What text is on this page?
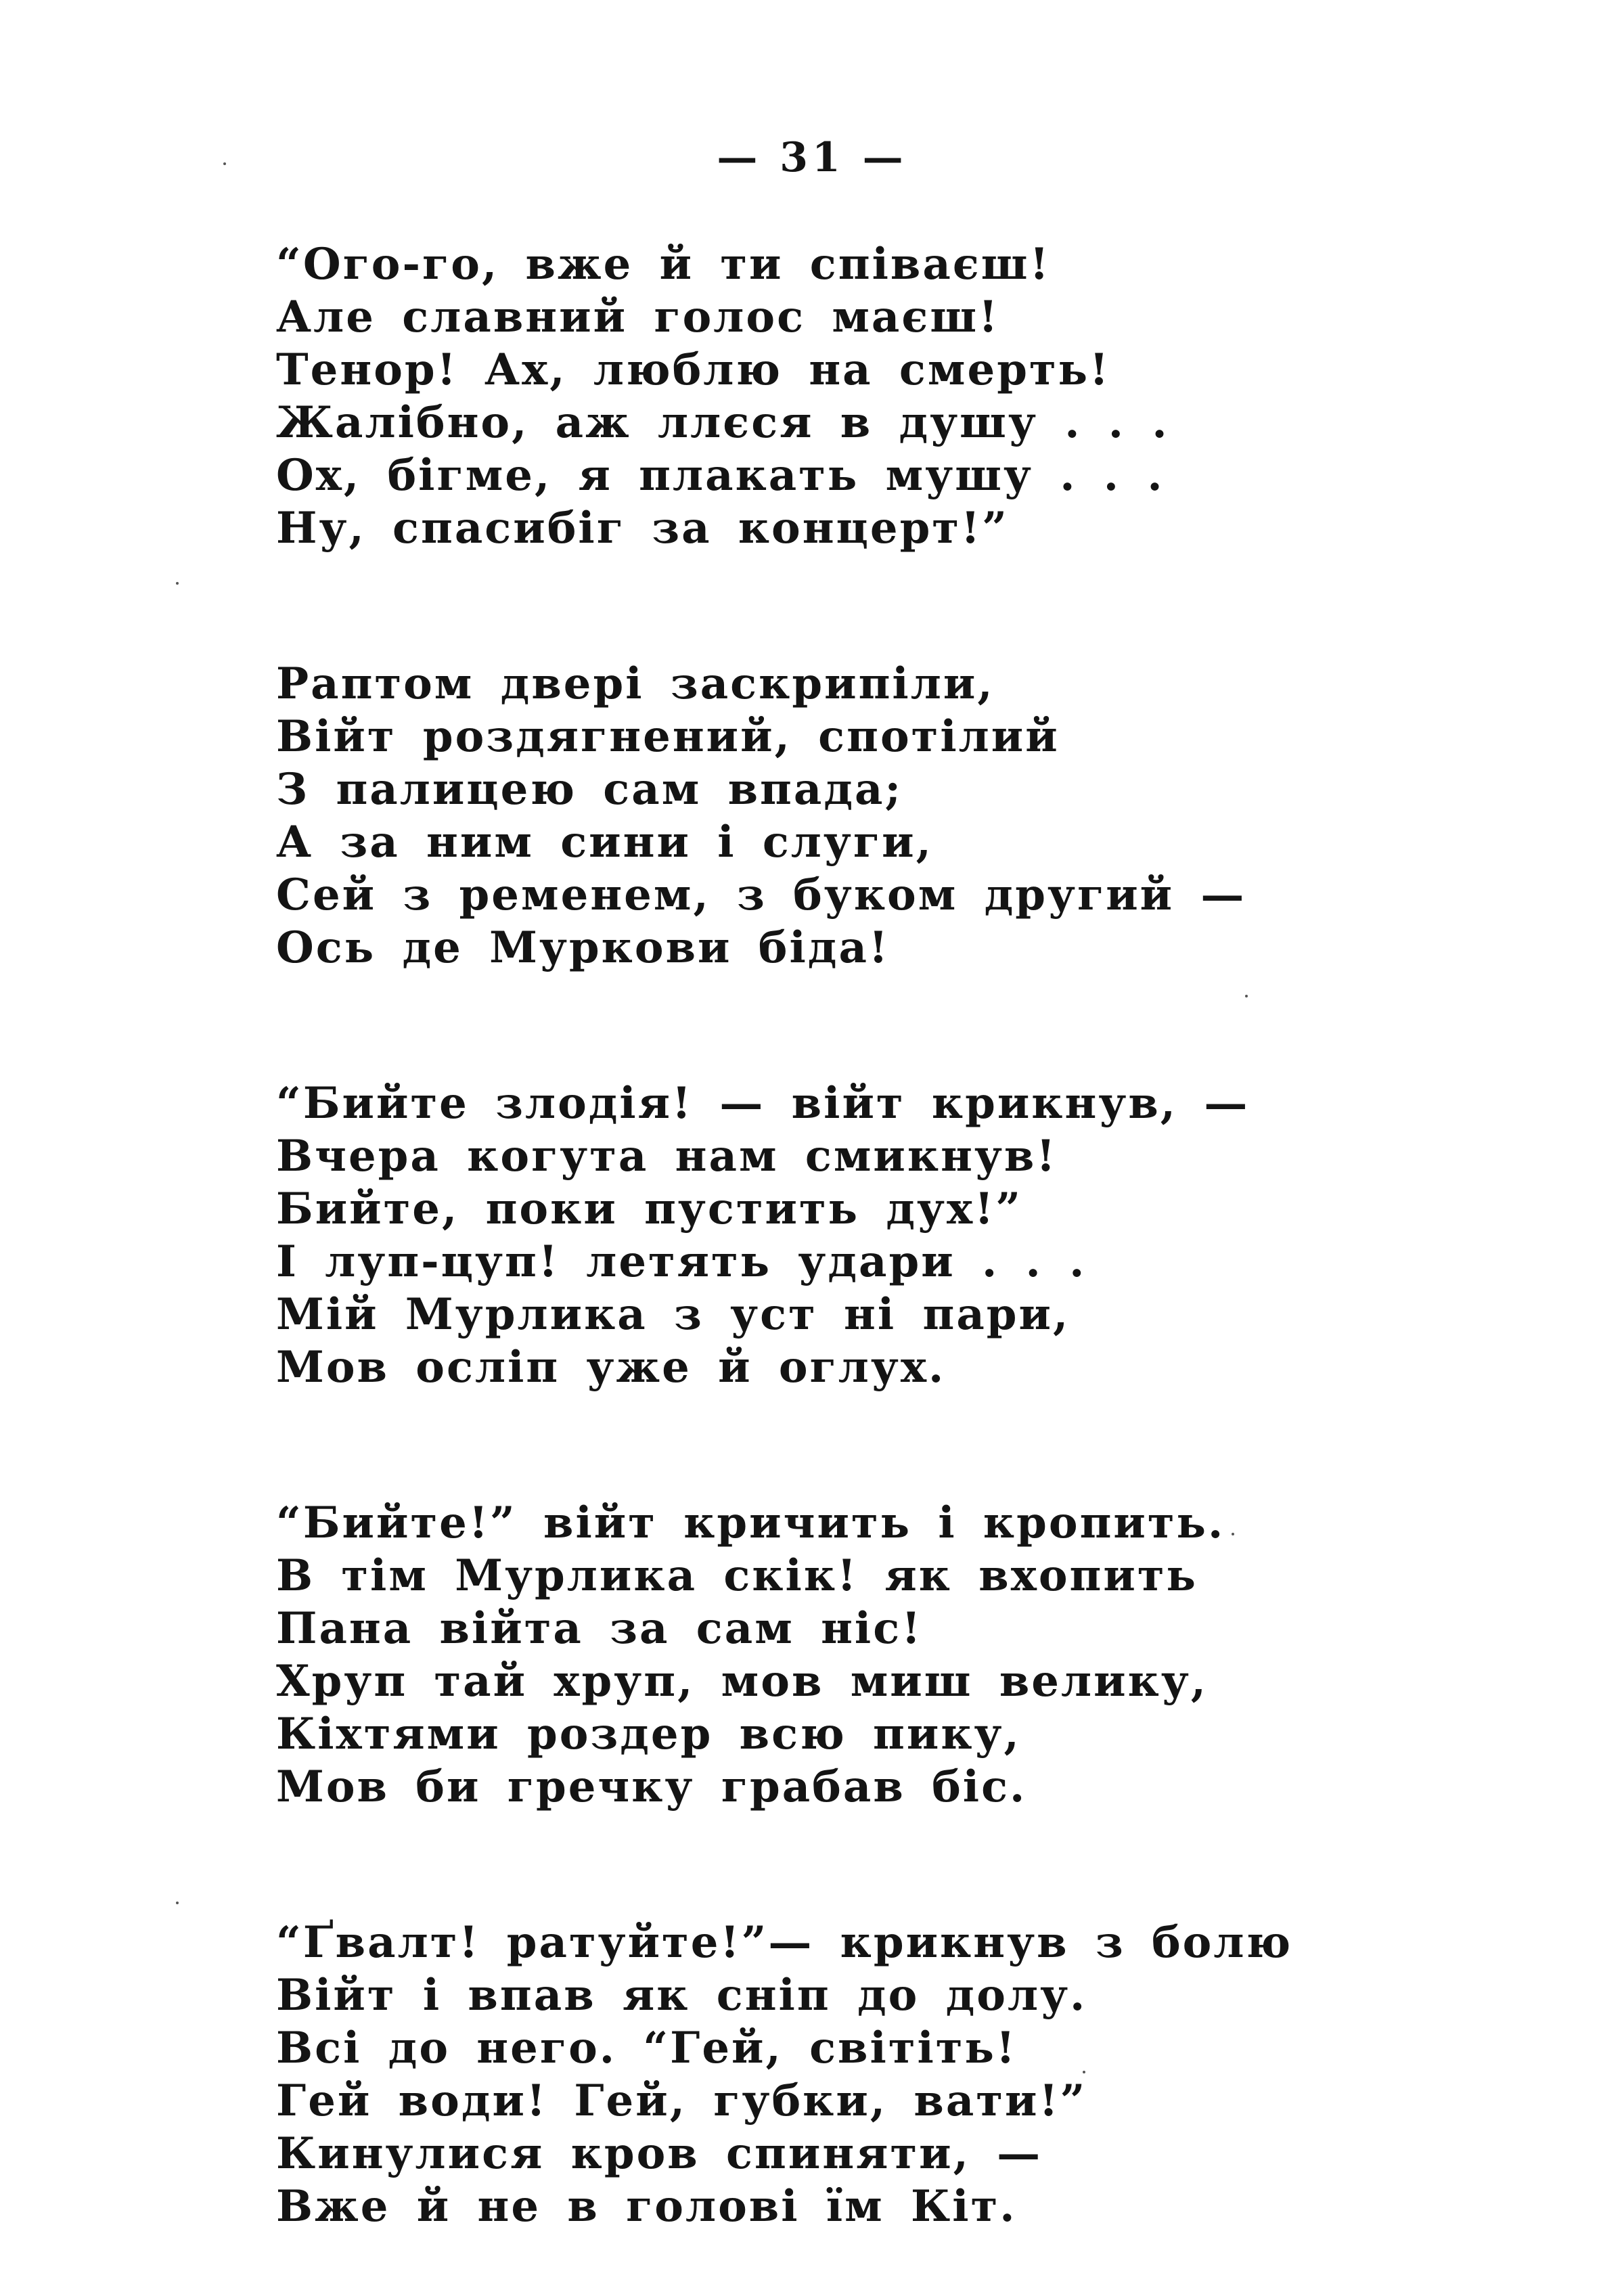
— 31 —
“Ого-го, вже й ти співаєш!
Але славний голос маєш!
Тенор! Ах, люблю на смерть!
Жалібно, аж ллєся в душу . . .
Ох, бігме, я плакать мушу . . .
Ну, спасибіг за концерт!”
Раптом двері заскрипіли,
Війт роздягнений, спотілий
З палицею сам впада;
А за ним сини і слуги,
Сей з ременем, з буком другий —
Ось де Муркови біда!
“Бийте злодія! — війт крикнув, —
Вчера когута нам смикнув!
Бийте, поки пустить дух!”
І луп-цуп! летять удари . . .
Мій Мурлика з уст ні пари,
Мов осліп уже й оглух.
“Бийте!” війт кричить і кропить.
В тім Мурлика скік! як вхопить
Пана війта за сам ніс!
Хруп тай хруп, мов миш велику,
Кіхтями роздер всю пику,
Мов би гречку грабав біс.
“Ґвалт! ратуйте!”— крикнув з болю
Війт і впав як сніп до долу.
Всі до него. “Гей, світіть!
Гей води! Гей, губки, вати!”
Кинулися кров спиняти, —
Вже й не в голові їм Кіт.
